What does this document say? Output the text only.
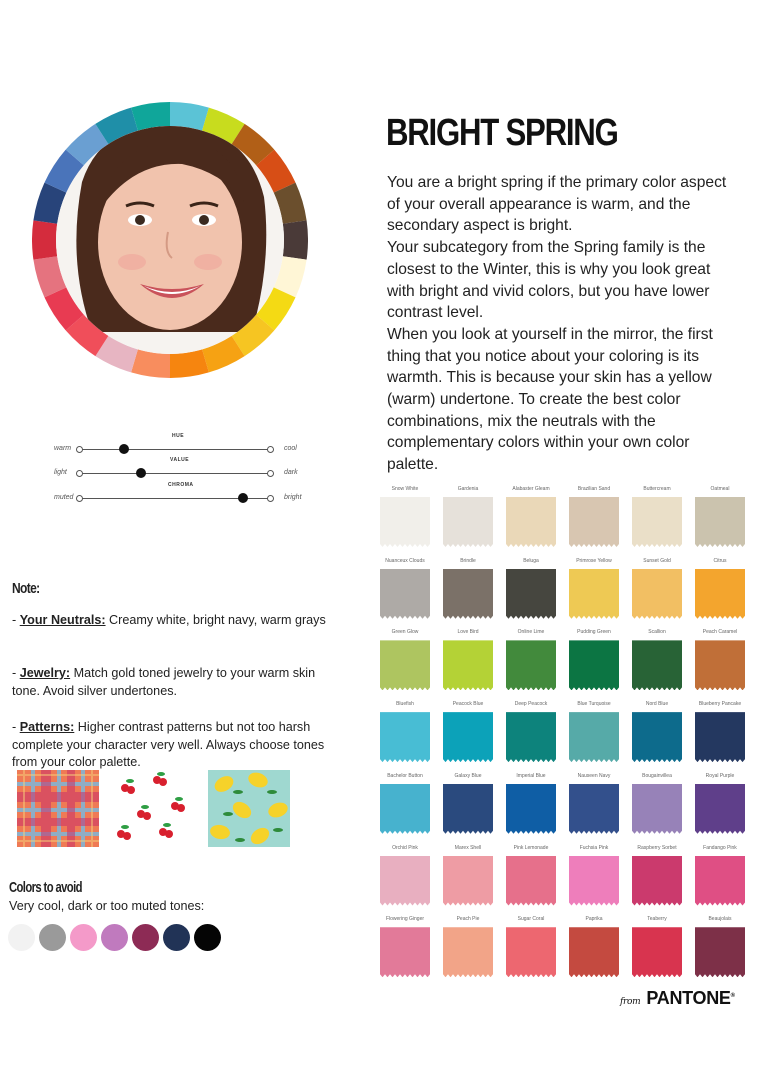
BRIGHT SPRING

You are a bright spring if the primary color aspect of your overall appearance is warm, and the secondary aspect is bright.

Your subcategory from the Spring family is the closest to the Winter, this is why you look great with bright and vivid colors, but you have lower contrast level.

When you look at yourself in the mirror, the first thing that you notice about your coloring is its warmth. This is because your skin has a yellow (warm) undertone. To create the best color combinations, mix the neutrals with the complementary colors within your own color palette.

HUE
warm	cool
VALUE
light	dark
CHROMA
muted	bright
Note:
- Your Neutrals: Creamy white, bright navy, warm grays
- Jewelry: Match gold toned jewelry to your warm skin tone. Avoid silver undertones.
- Patterns: Higher contrast patterns but not too harsh complete your character very well. Always choose tones from your color palette.
Colors to avoid
Very cool, dark or too muted tones:
Snow White	Gardenia	Alabaster Gleam	Brazilian Sand	Buttercream	Oatmeal
Nuanceux Clouds	Brindle	Beluga	Primrose Yellow	Sunset Gold	Citrus
Green Glow	Love Bird	Online Lime	Pudding Green	Scallion	Peach Caramel
Bluefish	Peacock Blue	Deep Peacock	Blue Turquoise	Nord Blue	Blueberry Pancake
Bachelor Button	Galaxy Blue	Imperial Blue	Nauseen Navy	Bougainvillea	Royal Purple
Orchid Pink	Marex Shell	Pink Lemonade	Fuchsia Pink	Raspberry Sorbet	Fandango Pink
Flowering Ginger	Peach Pie	Sugar Coral	Paprika	Teaberry	Beaujolais
from PANTONE®
